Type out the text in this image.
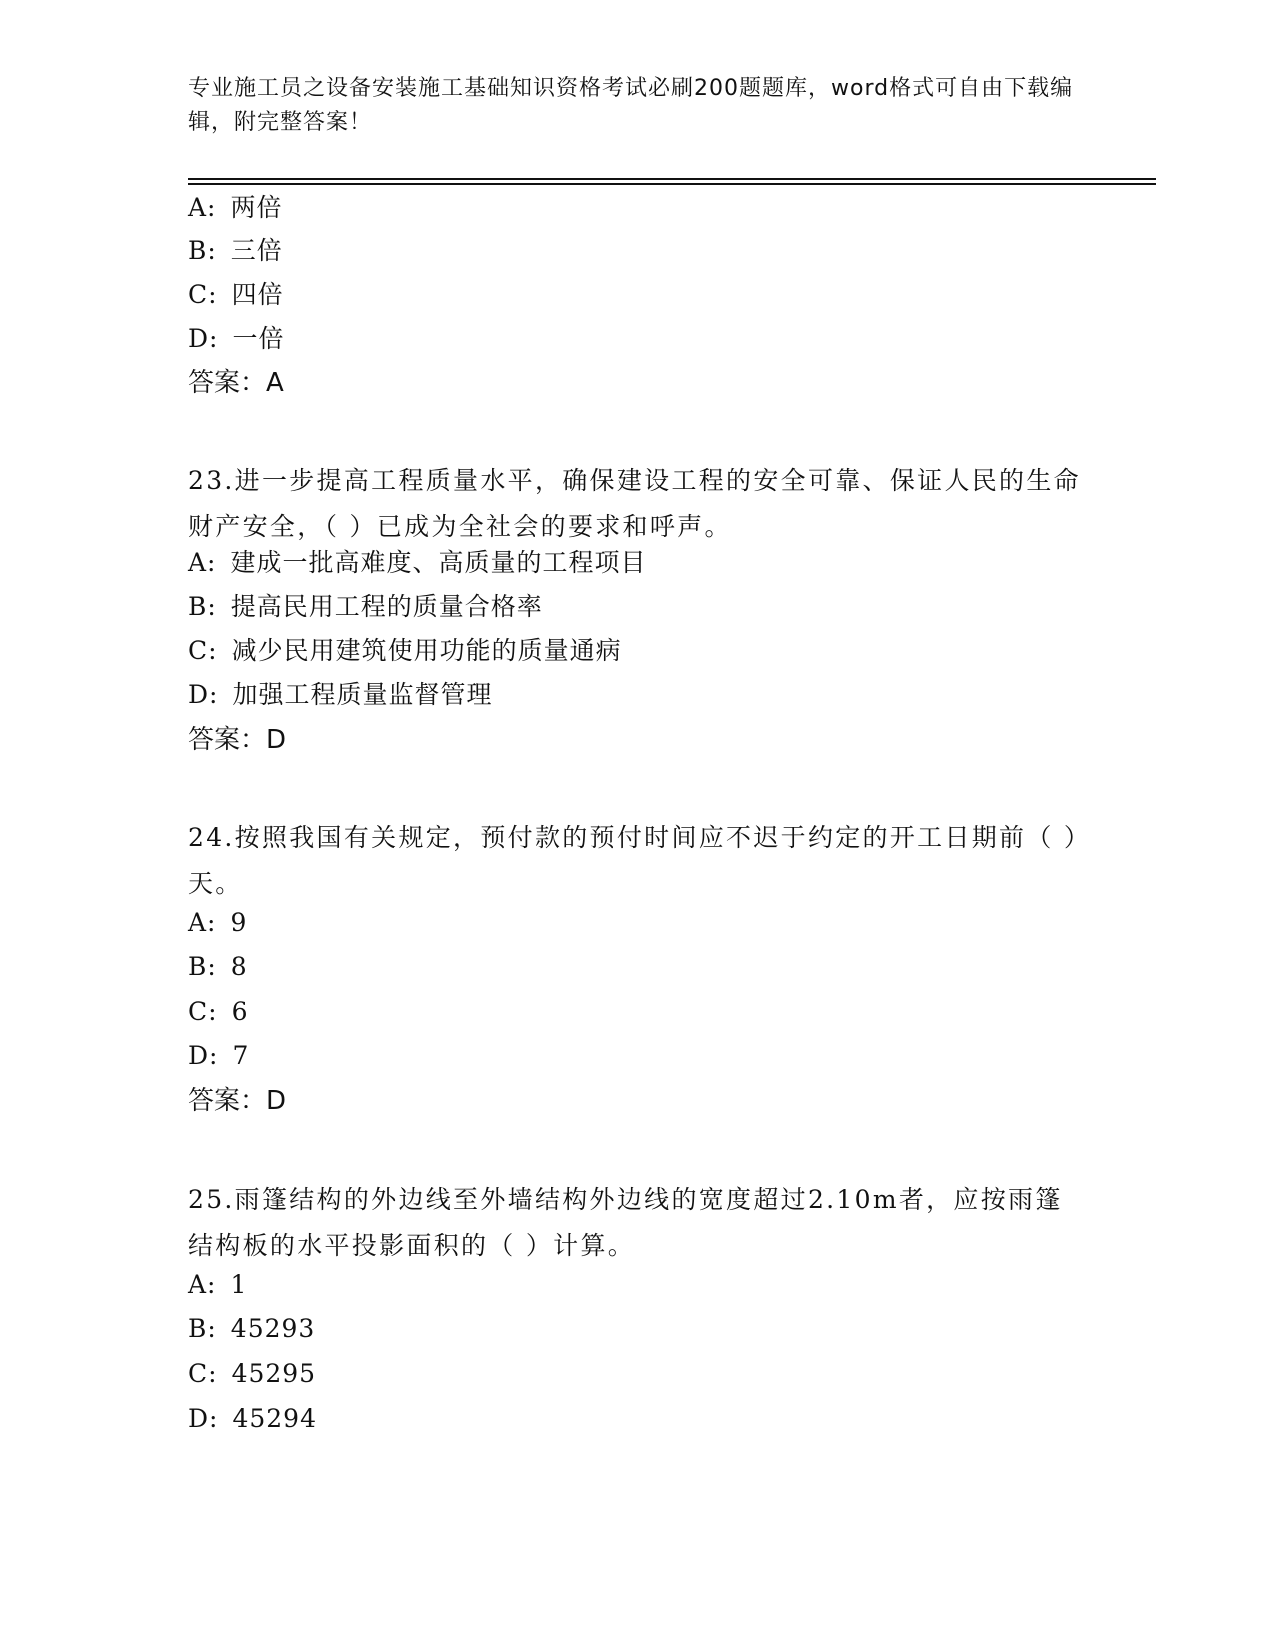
专业施工员之设备安装施工基础知识资格考试必刷200题题库，word格式可自由下载编辑，附完整答案！
A: 两倍
B: 三倍
C: 四倍
D: 一倍
答案：A
23.进一步提高工程质量水平，确保建设工程的安全可靠、保证人民的生命财产安全，（ ）已成为全社会的要求和呼声。
A: 建成一批高难度、高质量的工程项目
B: 提高民用工程的质量合格率
C: 减少民用建筑使用功能的质量通病
D: 加强工程质量监督管理
答案：D
24.按照我国有关规定，预付款的预付时间应不迟于约定的开工日期前（ ）天。
A: 9
B: 8
C: 6
D: 7
答案：D
25.雨篷结构的外边线至外墙结构外边线的宽度超过2.10m者，应按雨篷结构板的水平投影面积的（ ）计算。
A: 1
B: 45293
C: 45295
D: 45294
